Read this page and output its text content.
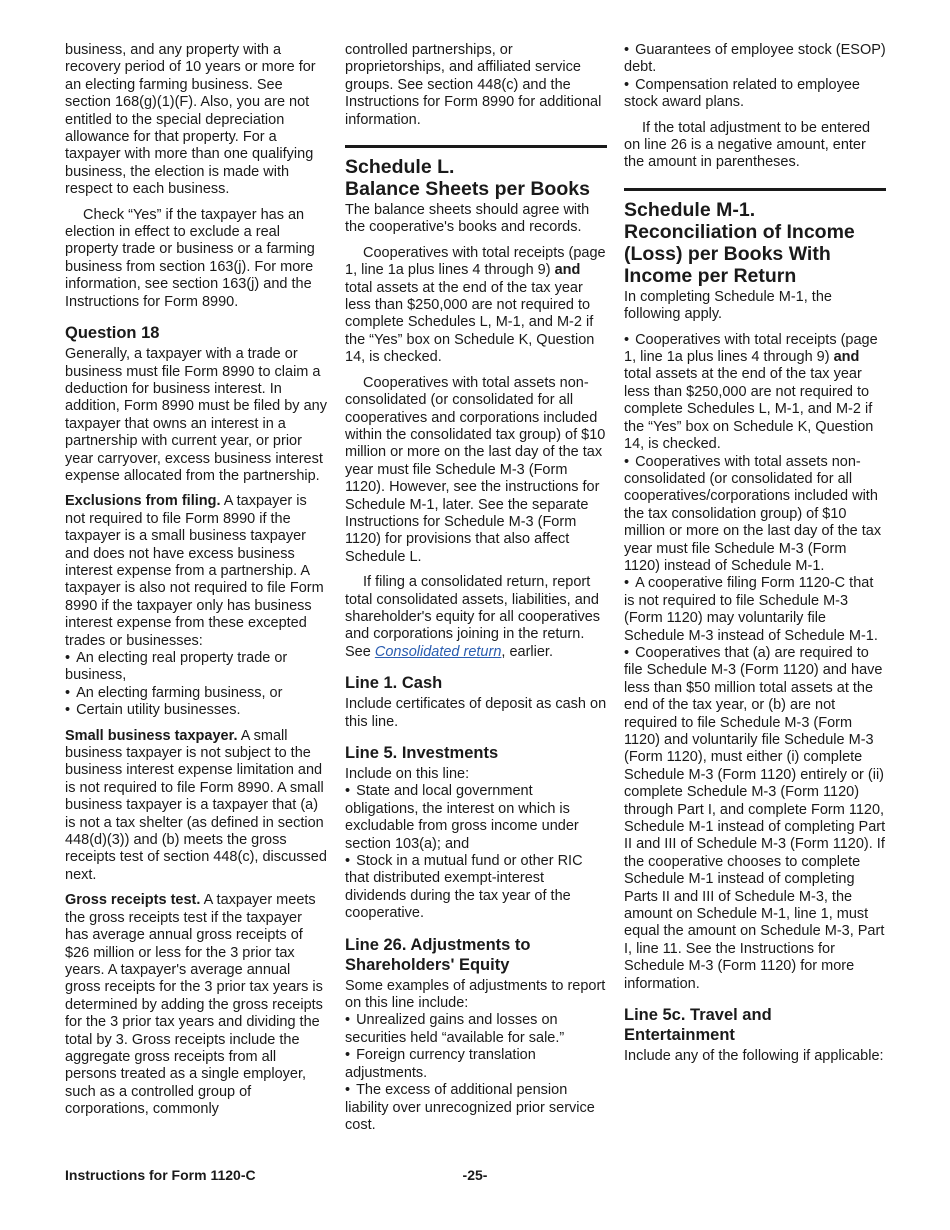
business, and any property with a recovery period of 10 years or more for an electing farming business. See section 168(g)(1)(F). Also, you are not entitled to the special depreciation allowance for that property. For a taxpayer with more than one qualifying business, the election is made with respect to each business.

Check “Yes” if the taxpayer has an election in effect to exclude a real property trade or business or a farming business from section 163(j). For more information, see section 163(j) and the Instructions for Form 8990.

Question 18

Generally, a taxpayer with a trade or business must file Form 8990 to claim a deduction for business interest. In addition, Form 8990 must be filed by any taxpayer that owns an interest in a partnership with current year, or prior year carryover, excess business interest expense allocated from the partnership.

Exclusions from filing. A taxpayer is not required to file Form 8990 if the taxpayer is a small business taxpayer and does not have excess business interest expense from a partnership. A taxpayer is also not required to file Form 8990 if the taxpayer only has business interest expense from these excepted trades or businesses:
• An electing real property trade or business,
• An electing farming business, or
• Certain utility businesses.

Small business taxpayer. A small business taxpayer is not subject to the business interest expense limitation and is not required to file Form 8990. A small business taxpayer is a taxpayer that (a) is not a tax shelter (as defined in section 448(d)(3)) and (b) meets the gross receipts test of section 448(c), discussed next.

Gross receipts test. A taxpayer meets the gross receipts test if the taxpayer has average annual gross receipts of $26 million or less for the 3 prior tax years. A taxpayer's average annual gross receipts for the 3 prior tax years is determined by adding the gross receipts for the 3 prior tax years and dividing the total by 3. Gross receipts include the aggregate gross receipts from all persons treated as a single employer, such as a controlled group of corporations, commonly

controlled partnerships, or proprietorships, and affiliated service groups. See section 448(c) and the Instructions for Form 8990 for additional information.

Schedule L.
Balance Sheets per Books

The balance sheets should agree with the cooperative's books and records.

Cooperatives with total receipts (page 1, line 1a plus lines 4 through 9) and total assets at the end of the tax year less than $250,000 are not required to complete Schedules L, M-1, and M-2 if the “Yes” box on Schedule K, Question 14, is checked.

Cooperatives with total assets non-consolidated (or consolidated for all cooperatives and corporations included within the consolidated tax group) of $10 million or more on the last day of the tax year must file Schedule M-3 (Form 1120). However, see the instructions for Schedule M-1, later. See the separate Instructions for Schedule M-3 (Form 1120) for provisions that also affect Schedule L.

If filing a consolidated return, report total consolidated assets, liabilities, and shareholder's equity for all cooperatives and corporations joining in the return. See Consolidated return, earlier.

Line 1. Cash

Include certificates of deposit as cash on this line.

Line 5. Investments
Include on this line:
• State and local government obligations, the interest on which is excludable from gross income under section 103(a); and
• Stock in a mutual fund or other RIC that distributed exempt-interest dividends during the tax year of the cooperative.
Line 26. Adjustments to
Shareholders' Equity
Some examples of adjustments to report on this line include:
• Unrealized gains and losses on securities held “available for sale.”
• Foreign currency translation adjustments.
• The excess of additional pension liability over unrecognized prior service cost.
• Guarantees of employee stock (ESOP) debt.
• Compensation related to employee stock award plans.

If the total adjustment to be entered on line 26 is a negative amount, enter the amount in parentheses.

Schedule M-1.
Reconciliation of Income
(Loss) per Books With
Income per Return

In completing Schedule M-1, the following apply.

• Cooperatives with total receipts (page 1, line 1a plus lines 4 through 9) and total assets at the end of the tax year less than $250,000 are not required to complete Schedules L, M-1, and M-2 if the “Yes” box on Schedule K, Question 14, is checked.
• Cooperatives with total assets non-consolidated (or consolidated for all cooperatives/corporations included with the tax consolidation group) of $10 million or more on the last day of the tax year must file Schedule M-3 (Form 1120) instead of Schedule M-1.
• A cooperative filing Form 1120-C that is not required to file Schedule M-3 (Form 1120) may voluntarily file Schedule M-3 instead of Schedule M-1.
• Cooperatives that (a) are required to file Schedule M-3 (Form 1120) and have less than $50 million total assets at the end of the tax year, or (b) are not required to file Schedule M-3 (Form 1120) and voluntarily file Schedule M-3 (Form 1120), must either (i) complete Schedule M-3 (Form 1120) entirely or (ii) complete Schedule M-3 (Form 1120) through Part I, and complete Form 1120, Schedule M-1 instead of completing Part II and III of Schedule M-3 (Form 1120). If the cooperative chooses to complete Schedule M-1 instead of completing Parts II and III of Schedule M-3, the amount on Schedule M-1, line 1, must equal the amount on Schedule M-3, Part I, line 11. See the Instructions for Schedule M-3 (Form 1120) for more information.
Line 5c. Travel and
Entertainment

Include any of the following if applicable:

-25-
Instructions for Form 1120-C
